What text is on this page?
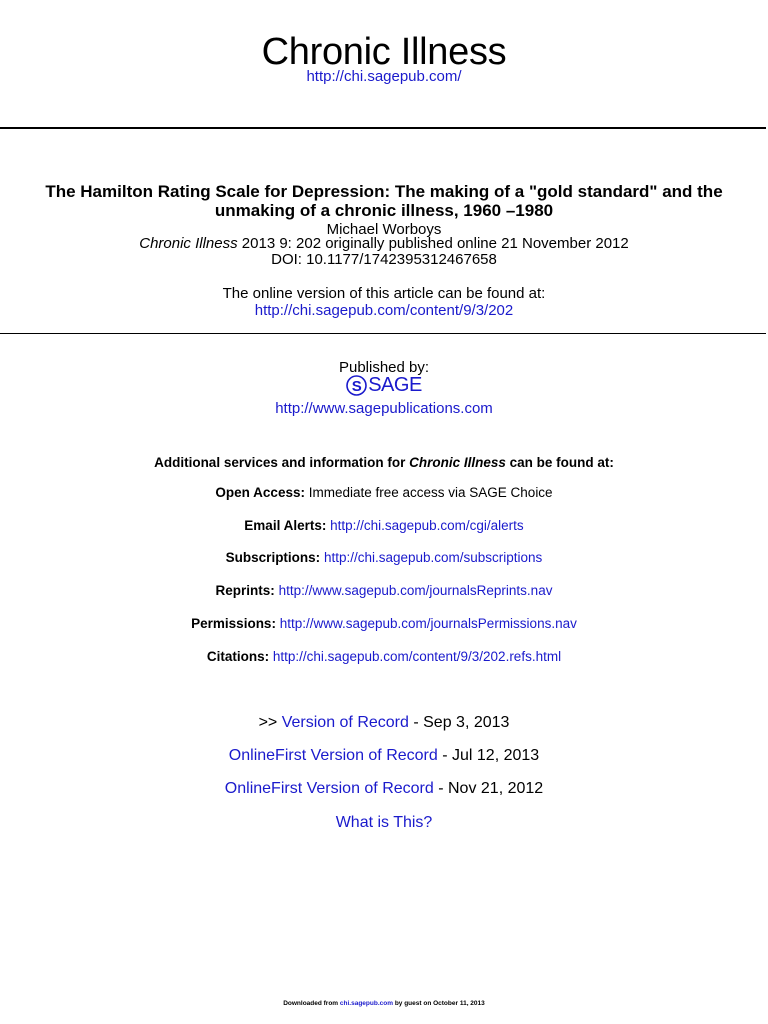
Chronic Illness
http://chi.sagepub.com/
The Hamilton Rating Scale for Depression: The making of a "gold standard" and the
unmaking of a chronic illness, 1960 –1980
Michael Worboys
Chronic Illness 2013 9: 202 originally published online 21 November 2012
DOI: 10.1177/1742395312467658
The online version of this article can be found at:
http://chi.sagepub.com/content/9/3/202
Published by:
S SAGE
http://www.sagepublications.com
Additional services and information for Chronic Illness can be found at:
Open Access: Immediate free access via SAGE Choice
Email Alerts: http://chi.sagepub.com/cgi/alerts
Subscriptions: http://chi.sagepub.com/subscriptions
Reprints: http://www.sagepub.com/journalsReprints.nav
Permissions: http://www.sagepub.com/journalsPermissions.nav
Citations: http://chi.sagepub.com/content/9/3/202.refs.html
>> Version of Record - Sep 3, 2013
OnlineFirst Version of Record - Jul 12, 2013
OnlineFirst Version of Record - Nov 21, 2012
What is This?
Downloaded from chi.sagepub.com by guest on October 11, 2013
